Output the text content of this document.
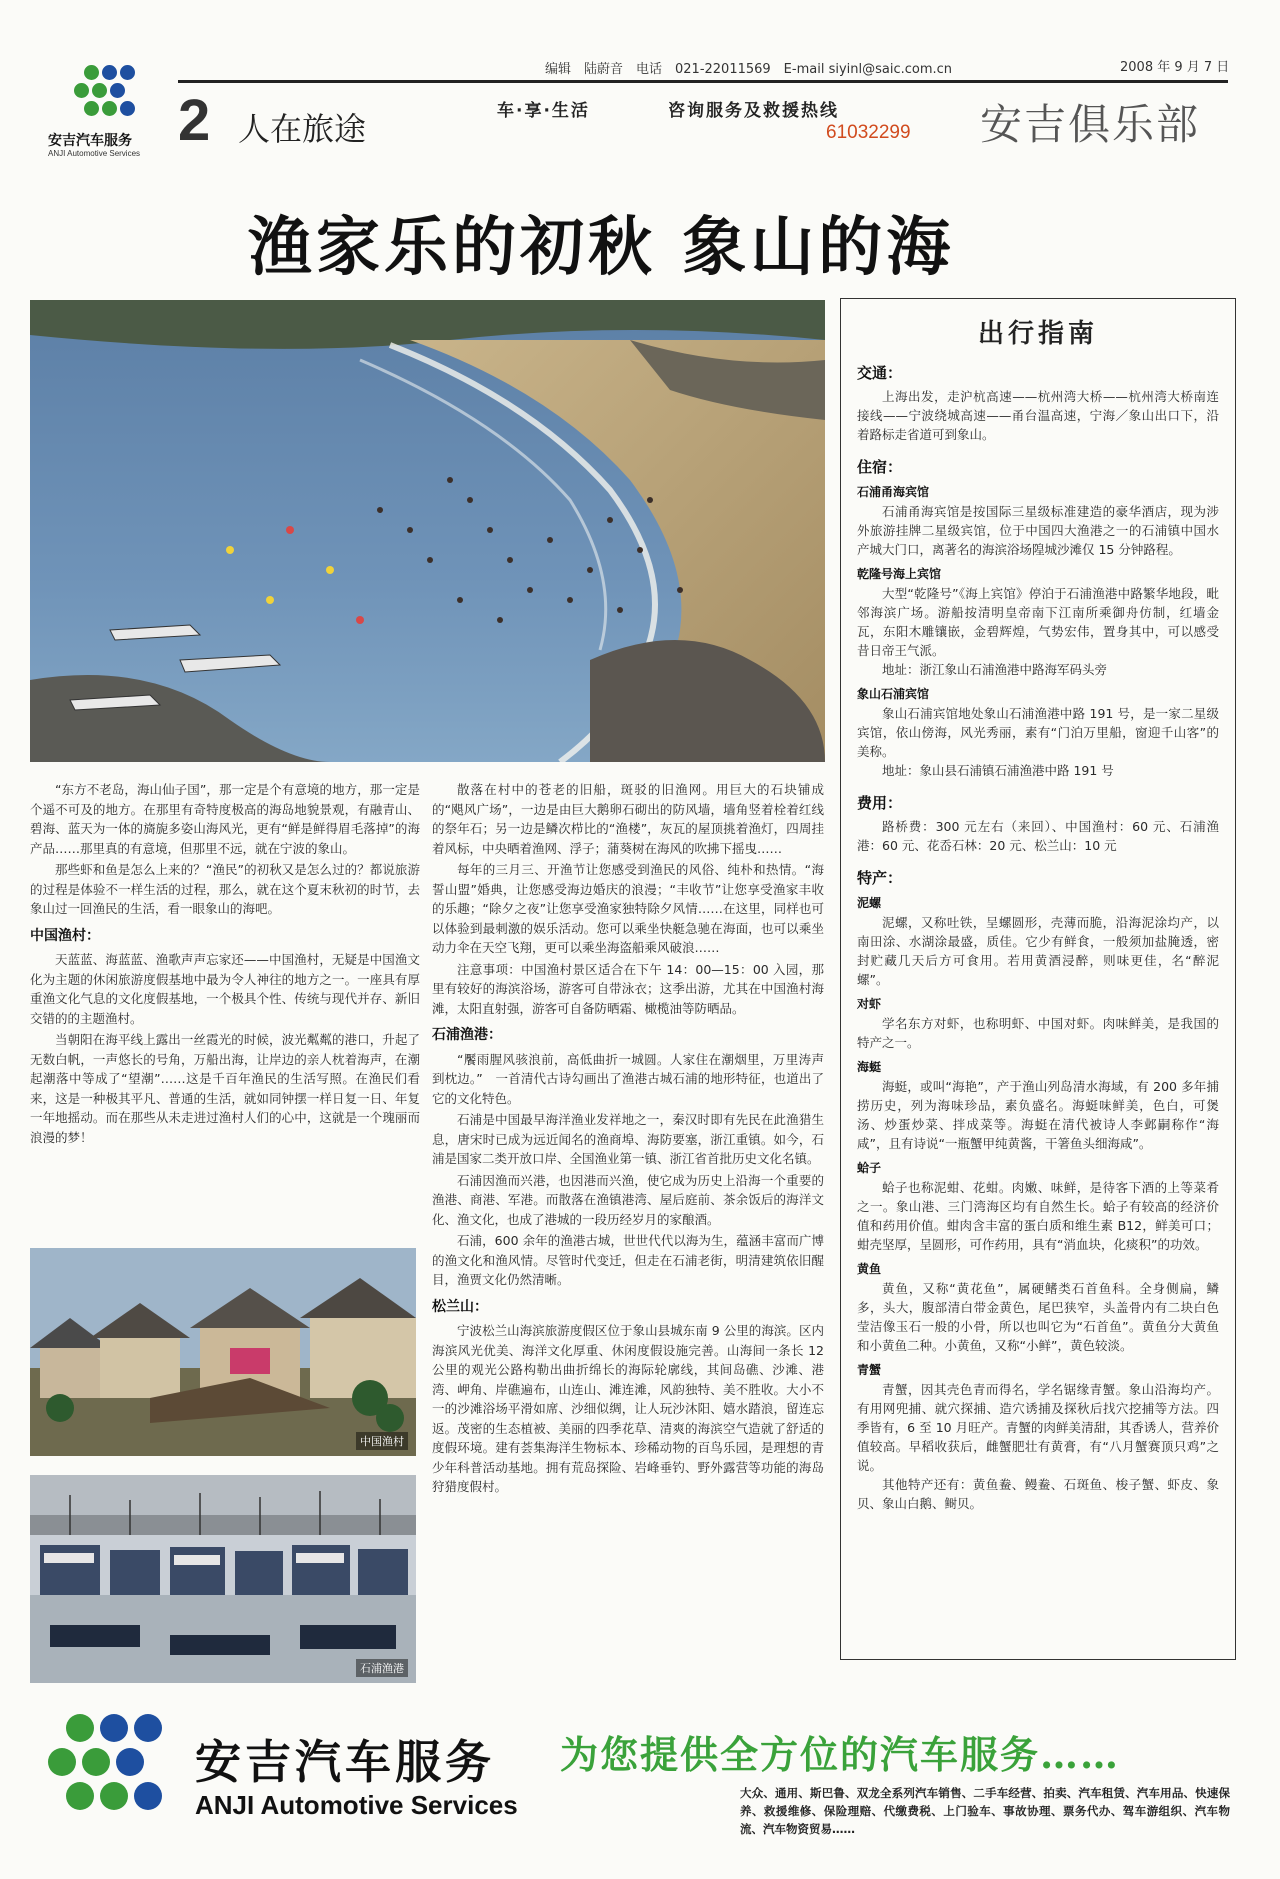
安吉汽车服务
ANJI Automotive Services
编辑　陆蔚音　电话　021-22011569　E-mail siyinl@saic.com.cn	2008 年 9 月 7 日
2 人在旅途	车·享·生活	咨询服务及救援热线
61032299 安吉俱乐部
渔家乐的初秋 象山的海
中国渔村
石浦渔港

“东方不老岛，海山仙子国”，那一定是个有意境的地方，那一定是个遥不可及的地方。在那里有奇特度极高的海岛地貌景观，有融青山、碧海、蓝天为一体的旖旎多姿山海风光，更有“鲜是鲜得眉毛落掉”的海产品……那里真的有意境，但那里不远，就在宁波的象山。

那些虾和鱼是怎么上来的？“渔民”的初秋又是怎么过的？都说旅游的过程是体验不一样生活的过程，那么，就在这个夏末秋初的时节，去象山过一回渔民的生活，看一眼象山的海吧。

中国渔村：

天蓝蓝、海蓝蓝、渔歌声声忘家还——中国渔村，无疑是中国渔文化为主题的休闲旅游度假基地中最为令人神往的地方之一。一座具有厚重渔文化气息的文化度假基地，一个极具个性、传统与现代并存、新旧交错的的主题渔村。

当朝阳在海平线上露出一丝霞光的时候，波光粼粼的港口，升起了无数白帆，一声悠长的号角，万船出海，让岸边的亲人枕着海声，在潮起潮落中等成了“望潮”……这是千百年渔民的生活写照。在渔民们看来，这是一种极其平凡、普通的生活，就如同钟摆一样日复一日、年复一年地摇动。而在那些从未走进过渔村人们的心中，这就是一个瑰丽而浪漫的梦！

散落在村中的苍老的旧船，斑驳的旧渔网。用巨大的石块铺成的“飓风广场”，一边是由巨大鹅卵石砌出的防风墙，墙角竖着栓着红线的祭年石；另一边是鳞次栉比的“渔楼”，灰瓦的屋顶挑着渔灯，四周挂着风标，中央晒着渔网、浮子；蒲葵树在海风的吹拂下摇曳……

每年的三月三、开渔节让您感受到渔民的风俗、纯朴和热情。“海誓山盟”婚典，让您感受海边婚庆的浪漫；“丰收节”让您享受渔家丰收的乐趣；“除夕之夜”让您享受渔家独特除夕风情……在这里，同样也可以体验到最刺激的娱乐活动。您可以乘坐快艇急驰在海面，也可以乘坐动力伞在天空飞翔，更可以乘坐海盗船乘风破浪……

注意事项：中国渔村景区适合在下午 14：00—15：00 入园，那里有较好的海滨浴场，游客可自带泳衣；这季出游，尤其在中国渔村海滩，太阳直射强，游客可自备防晒霜、橄榄油等防晒品。

石浦渔港：

“饜雨腥风骇浪前，高低曲折一城圆。人家住在潮烟里，万里涛声到枕边。”　一首清代古诗勾画出了渔港古城石浦的地形特征，也道出了它的文化特色。

石浦是中国最早海洋渔业发祥地之一，秦汉时即有先民在此渔猎生息，唐宋时已成为远近闻名的渔商埠、海防要塞，浙江重镇。如今，石浦是国家二类开放口岸、全国渔业第一镇、浙江省首批历史文化名镇。

石浦因渔而兴港，也因港而兴渔，使它成为历史上沿海一个重要的渔港、商港、军港。而散落在渔镇港湾、屋后庭前、茶余饭后的海洋文化、渔文化，也成了港城的一段历经岁月的家酿酒。

石浦，600 余年的渔港古城，世世代代以海为生，蕴涵丰富而广博的渔文化和渔风情。尽管时代变迁，但走在石浦老街，明清建筑依旧醒目，渔贾文化仍然清晰。

松兰山：

宁波松兰山海滨旅游度假区位于象山县城东南 9 公里的海滨。区内海滨风光优美、海洋文化厚重、休闲度假设施完善。山海间一条长 12 公里的观光公路构勒出曲折绵长的海际轮廓线，其间岛礁、沙滩、港湾、岬角、岸礁遍布，山连山、滩连滩，风韵独特、美不胜收。大小不一的沙滩浴场平滑如席、沙细似绸，让人玩沙沐阳、嬉水踏浪，留连忘返。茂密的生态植被、美丽的四季花草、清爽的海滨空气造就了舒适的度假环境。建有荟集海洋生物标本、珍稀动物的百鸟乐园，是理想的青少年科普活动基地。拥有荒岛探险、岩峰垂钓、野外露营等功能的海岛狩猎度假村。

出行指南
交通：

上海出发，走沪杭高速——杭州湾大桥——杭州湾大桥南连接线——宁波绕城高速——甬台温高速，宁海／象山出口下，沿着路标走省道可到象山。

住宿：
石浦甬海宾馆

石浦甬海宾馆是按国际三星级标准建造的豪华酒店，现为涉外旅游挂牌二星级宾馆，位于中国四大渔港之一的石浦镇中国水产城大门口，离著名的海滨浴场隍城沙滩仅 15 分钟路程。

乾隆号海上宾馆

大型“乾隆号”《海上宾馆》停泊于石浦渔港中路繁华地段，毗邻海滨广场。游船按清明皇帝南下江南所乘御舟仿制，红墙金瓦，东阳木雕镶嵌，金碧辉煌，气势宏伟，置身其中，可以感受昔日帝王气派。

地址：浙江象山石浦渔港中路海军码头旁

象山石浦宾馆

象山石浦宾馆地处象山石浦渔港中路 191 号，是一家二星级宾馆，依山傍海，风光秀丽，素有“门泊万里船，窗迎千山客”的美称。

地址：象山县石浦镇石浦渔港中路 191 号

费用：

路桥费：300 元左右（来回）、中国渔村：60 元、石浦渔港：60 元、花岙石林：20 元、松兰山：10 元

特产：
泥螺

泥螺，又称吐铁，呈螺圆形，壳薄而脆，沿海泥涂均产，以南田涂、水湖涂最盛，质佳。它少有鲜食，一般须加盐腌透，密封贮藏几天后方可食用。若用黄酒浸醉，则味更佳，名“醉泥螺”。

对虾

学名东方对虾，也称明虾、中国对虾。肉味鲜美，是我国的特产之一。

海蜓

海蜓，或叫“海艳”，产于渔山列岛清水海域，有 200 多年捕捞历史，列为海味珍品，素负盛名。海蜓味鲜美，色白，可煲汤、炒蛋炒菜、拌成菜等。海蜓在清代被诗人李邺嗣称作“海咸”，且有诗说“一瓶蟹甲纯黄酱，干箸鱼头细海咸”。

蛤子

蛤子也称泥蚶、花蚶。肉嫩、味鲜，是待客下酒的上等菜肴之一。象山港、三门湾海区均有自然生长。蛤子有较高的经济价值和药用价值。蚶肉含丰富的蛋白质和维生素 B12，鲜美可口；蚶壳坚厚，呈圆形，可作药用，具有“消血块，化痰积”的功效。

黄鱼

黄鱼，又称“黄花鱼”，属硬鳍类石首鱼科。全身侧扁，鳞多，头大，腹部清白带金黄色，尾巴狭窄，头盖骨内有二块白色莹洁像玉石一般的小骨，所以也叫它为“石首鱼”。黄鱼分大黄鱼和小黄鱼二种。小黄鱼，又称“小鲜”，黄色较淡。

青蟹

青蟹，因其壳色青而得名，学名锯缘青蟹。象山沿海均产。有用网兜捕、就穴探捕、造穴诱捕及探秋后找穴挖捕等方法。四季皆有，6 至 10 月旺产。青蟹的肉鲜美清甜，其香诱人，营养价值较高。早稻收获后，雌蟹肥壮有黄膏，有“八月蟹赛顶只鸡”之说。

其他特产还有：黄鱼鲞、鳗鲞、石斑鱼、梭子蟹、虾皮、象贝、象山白鹅、鲥贝。

安吉汽车服务
ANJI Automotive Services
为您提供全方位的汽车服务……
大众、通用、斯巴鲁、双龙全系列汽车销售、二手车经营、拍卖、汽车租赁、汽车用品、快速保养、救援维修、保险理赔、代缴费税、上门验车、事故协理、票务代办、驾车游组织、汽车物流、汽车物资贸易……
